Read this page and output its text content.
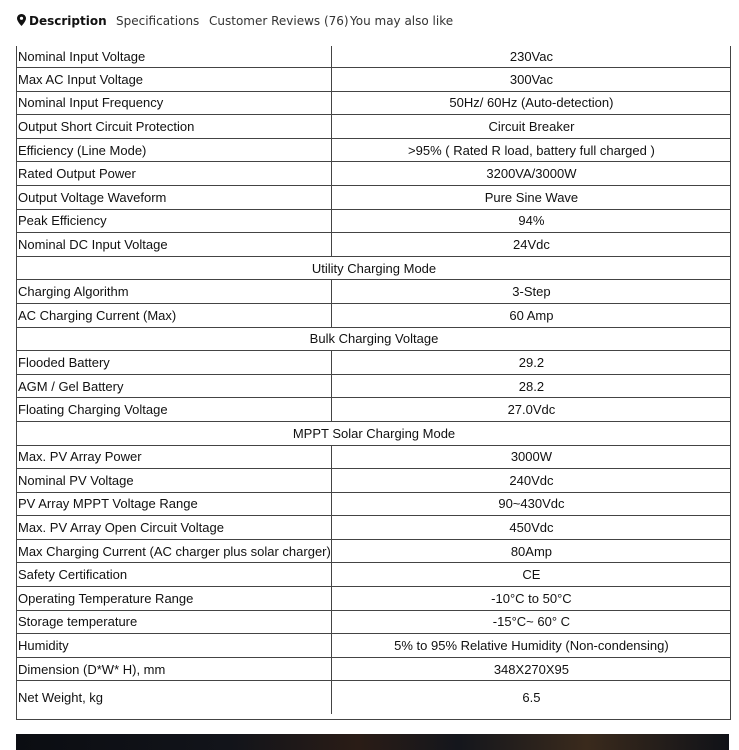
Description Specifications Customer Reviews (76) You may also like
Nominal Input Voltage	230Vac
Max AC Input Voltage	300Vac
Nominal Input Frequency	50Hz/ 60Hz (Auto-detection)
Output Short Circuit Protection	Circuit Breaker
Efficiency (Line Mode)	>95% ( Rated R load, battery full charged )
Rated Output Power	3200VA/3000W
Output Voltage Waveform	Pure Sine Wave
Peak Efficiency	94%
Nominal DC Input Voltage	24Vdc
Utility Charging Mode	
Charging Algorithm	3-Step
AC Charging Current (Max)	60 Amp
Bulk Charging Voltage	
Flooded Battery	29.2
AGM / Gel Battery	28.2
Floating Charging Voltage	27.0Vdc
MPPT Solar Charging Mode	
Max. PV Array Power	3000W
Nominal PV Voltage	240Vdc
PV Array MPPT Voltage Range	90~430Vdc
Max. PV Array Open Circuit Voltage	450Vdc
Max Charging Current (AC charger plus solar charger)	80Amp
Safety Certification	CE
Operating Temperature Range	-10°C to 50°C
Storage temperature	-15°C~ 60° C
Humidity	5% to 95% Relative Humidity (Non-condensing)
Dimension (D*W* H), mm	348X270X95
Net Weight, kg	6.5
